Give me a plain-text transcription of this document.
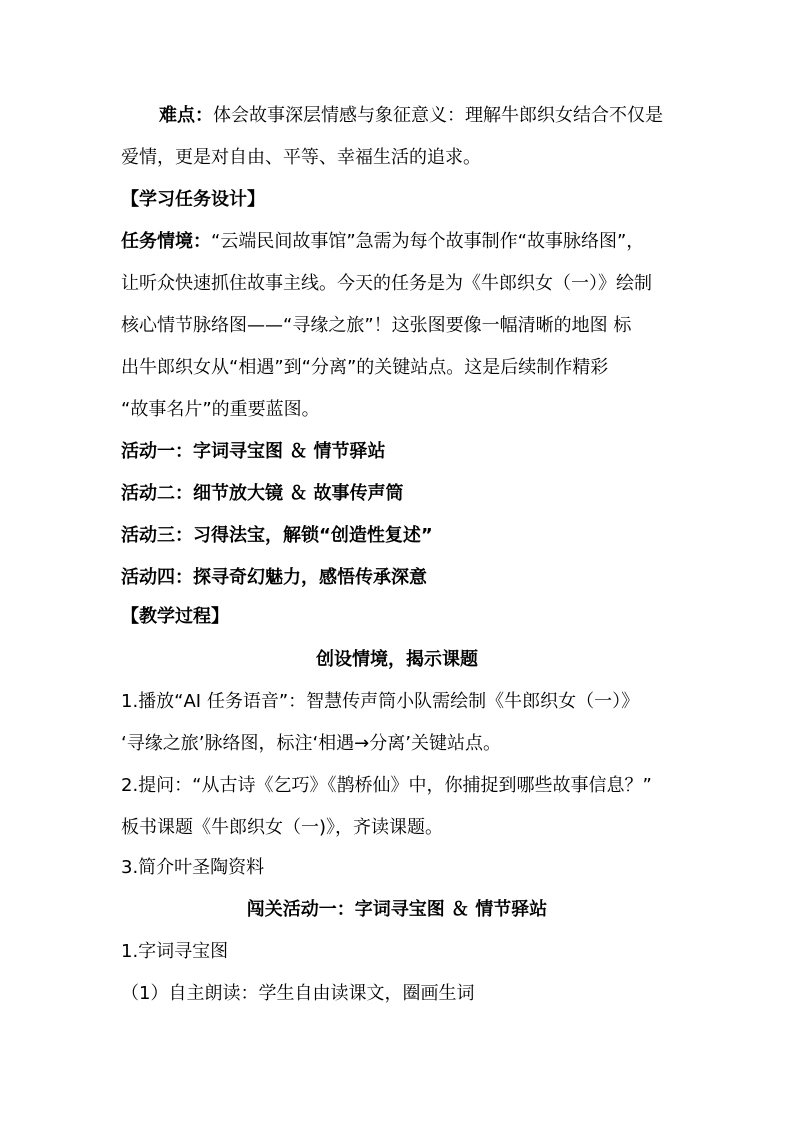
难点：体会故事深层情感与象征意义：理解牛郎织女结合不仅是
爱情，更是对自由、平等、幸福生活的追求。
【学习任务设计】
任务情境：“云端民间故事馆”急需为每个故事制作“故事脉络图”，
让听众快速抓住故事主线。今天的任务是为《牛郎织女（一）》绘制
核心情节脉络图——“寻缘之旅”！这张图要像一幅清晰的地图 标
出牛郎织女从“相遇”到“分离”的关键站点。这是后续制作精彩
“故事名片”的重要蓝图。
活动一：字词寻宝图 ＆ 情节驿站
活动二：细节放大镜 ＆ 故事传声筒
活动三：习得法宝，解锁“创造性复述”
活动四：探寻奇幻魅力，感悟传承深意
【教学过程】
创设情境，揭示课题
1.播放“AI 任务语音”：智慧传声筒小队需绘制《牛郎织女（一）》
‘寻缘之旅’脉络图，标注‘相遇→分离’关键站点。
2.提问：“从古诗《乞巧》《鹊桥仙》中，你捕捉到哪些故事信息？”
板书课题《牛郎织女（一)》，齐读课题。
3.简介叶圣陶资料
闯关活动一：字词寻宝图 ＆ 情节驿站
1.字词寻宝图
（1）自主朗读：学生自由读课文，圈画生词
